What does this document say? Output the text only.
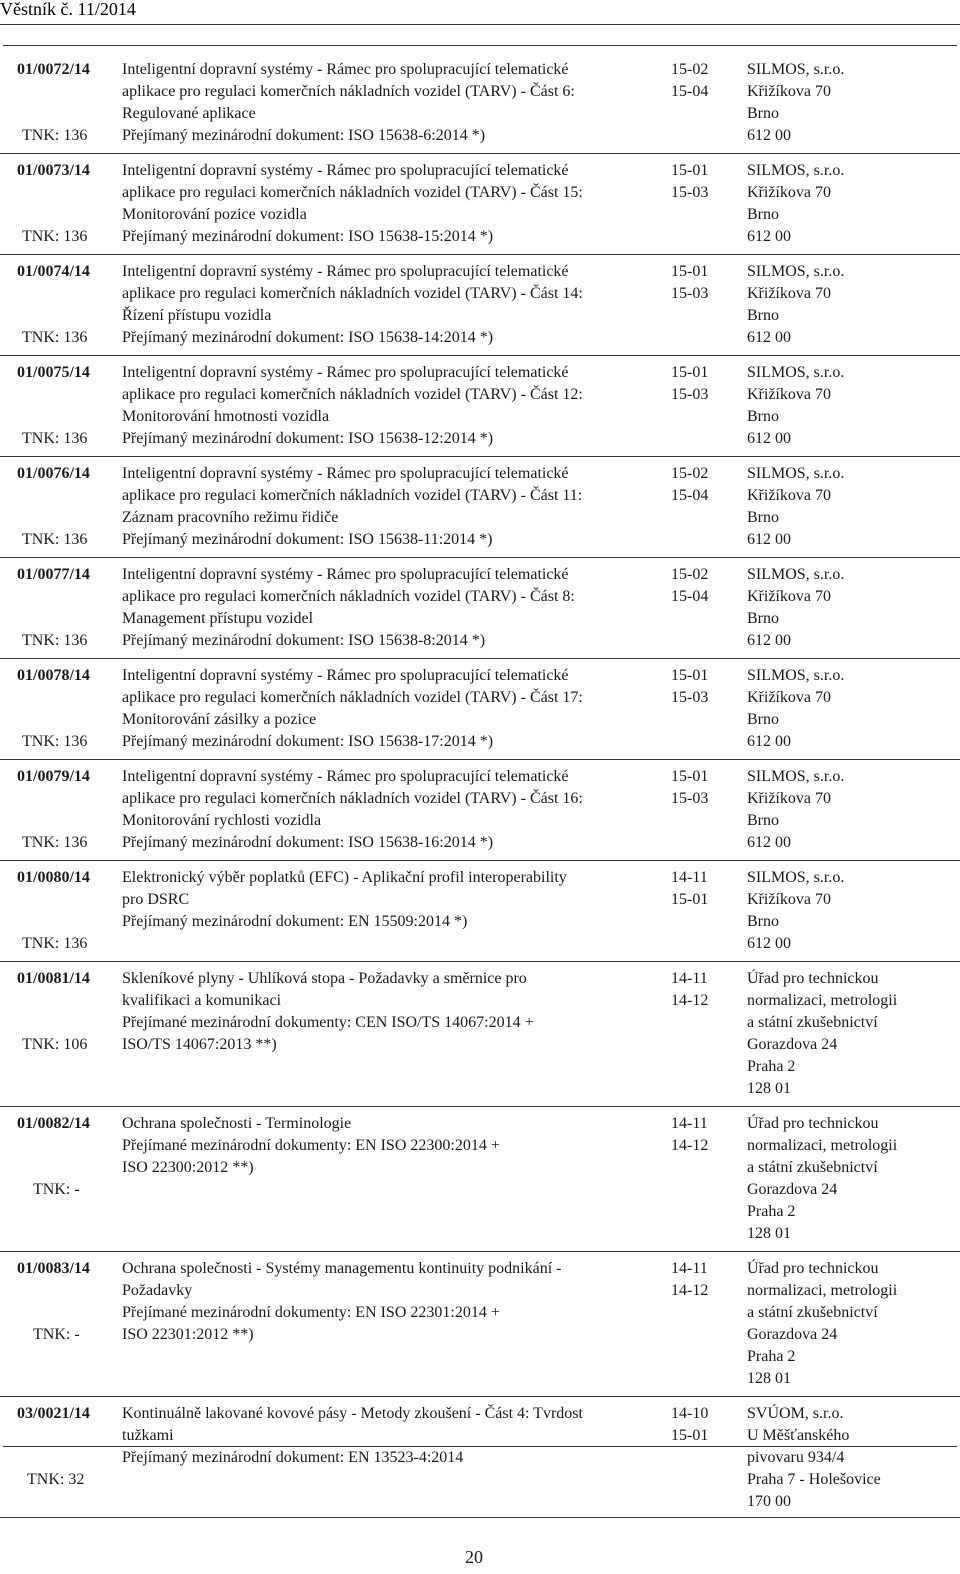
Věstník č. 11/2014
01/0072/14
TNK: 136
Inteligentní dopravní systémy - Rámec pro spolupracující telematické
aplikace pro regulaci komerčních nákladních vozidel (TARV) - Část 6:
Regulované aplikace
Přejímaný mezinárodní dokument: ISO 15638-6:2014 *)
15-02
15-04
SILMOS, s.r.o.
Křižíkova 70
Brno
612 00
01/0073/14
TNK: 136
Inteligentní dopravní systémy - Rámec pro spolupracující telematické
aplikace pro regulaci komerčních nákladních vozidel (TARV) - Část 15:
Monitorování pozice vozidla
Přejímaný mezinárodní dokument: ISO 15638-15:2014 *)
15-01
15-03
SILMOS, s.r.o.
Křižíkova 70
Brno
612 00
01/0074/14
TNK: 136
Inteligentní dopravní systémy - Rámec pro spolupracující telematické
aplikace pro regulaci komerčních nákladních vozidel (TARV) - Část 14:
Řízení přístupu vozidla
Přejímaný mezinárodní dokument: ISO 15638-14:2014 *)
15-01
15-03
SILMOS, s.r.o.
Křižíkova 70
Brno
612 00
01/0075/14
TNK: 136
Inteligentní dopravní systémy - Rámec pro spolupracující telematické
aplikace pro regulaci komerčních nákladních vozidel (TARV) - Část 12:
Monitorování hmotnosti vozidla
Přejímaný mezinárodní dokument: ISO 15638-12:2014 *)
15-01
15-03
SILMOS, s.r.o.
Křižíkova 70
Brno
612 00
01/0076/14
TNK: 136
Inteligentní dopravní systémy - Rámec pro spolupracující telematické
aplikace pro regulaci komerčních nákladních vozidel (TARV) - Část 11:
Záznam pracovního režimu řidiče
Přejímaný mezinárodní dokument: ISO 15638-11:2014 *)
15-02
15-04
SILMOS, s.r.o.
Křižíkova 70
Brno
612 00
01/0077/14
TNK: 136
Inteligentní dopravní systémy - Rámec pro spolupracující telematické
aplikace pro regulaci komerčních nákladních vozidel (TARV) - Část 8:
Management přístupu vozidel
Přejímaný mezinárodní dokument: ISO 15638-8:2014 *)
15-02
15-04
SILMOS, s.r.o.
Křižíkova 70
Brno
612 00
01/0078/14
TNK: 136
Inteligentní dopravní systémy - Rámec pro spolupracující telematické
aplikace pro regulaci komerčních nákladních vozidel (TARV) - Část 17:
Monitorování zásilky a pozice
Přejímaný mezinárodní dokument: ISO 15638-17:2014 *)
15-01
15-03
SILMOS, s.r.o.
Křižíkova 70
Brno
612 00
01/0079/14
TNK: 136
Inteligentní dopravní systémy - Rámec pro spolupracující telematické
aplikace pro regulaci komerčních nákladních vozidel (TARV) - Část 16:
Monitorování rychlosti vozidla
Přejímaný mezinárodní dokument: ISO 15638-16:2014 *)
15-01
15-03
SILMOS, s.r.o.
Křižíkova 70
Brno
612 00
01/0080/14
TNK: 136
Elektronický výběr poplatků (EFC) - Aplikační profil interoperability
pro DSRC
Přejímaný mezinárodní dokument: EN 15509:2014 *)
14-11
15-01
SILMOS, s.r.o.
Křižíkova 70
Brno
612 00
01/0081/14
TNK: 106
Skleníkové plyny - Uhlíková stopa - Požadavky a směrnice pro
kvalifikaci a komunikaci
Přejímané mezinárodní dokumenty: CEN ISO/TS 14067:2014 +
ISO/TS 14067:2013 **)
14-11
14-12
Úřad pro technickou
normalizaci, metrologii
a státní zkušebnictví
Gorazdova 24
Praha 2
128 01
01/0082/14
TNK: -
Ochrana společnosti - Terminologie
Přejímané mezinárodní dokumenty: EN ISO 22300:2014 +
ISO 22300:2012 **)
14-11
14-12
Úřad pro technickou
normalizaci, metrologii
a státní zkušebnictví
Gorazdova 24
Praha 2
128 01
01/0083/14
TNK: -
Ochrana společnosti - Systémy managementu kontinuity podnikání -
Požadavky
Přejímané mezinárodní dokumenty: EN ISO 22301:2014 +
ISO 22301:2012 **)
14-11
14-12
Úřad pro technickou
normalizaci, metrologii
a státní zkušebnictví
Gorazdova 24
Praha 2
128 01
03/0021/14
TNK: 32
Kontinuálně lakované kovové pásy - Metody zkoušení - Část 4: Tvrdost
tužkami
Přejímaný mezinárodní dokument: EN 13523-4:2014
14-10
15-01
SVÚOM, s.r.o.
U Měšťanského
pivovaru 934/4
Praha 7 - Holešovice
170 00
20
